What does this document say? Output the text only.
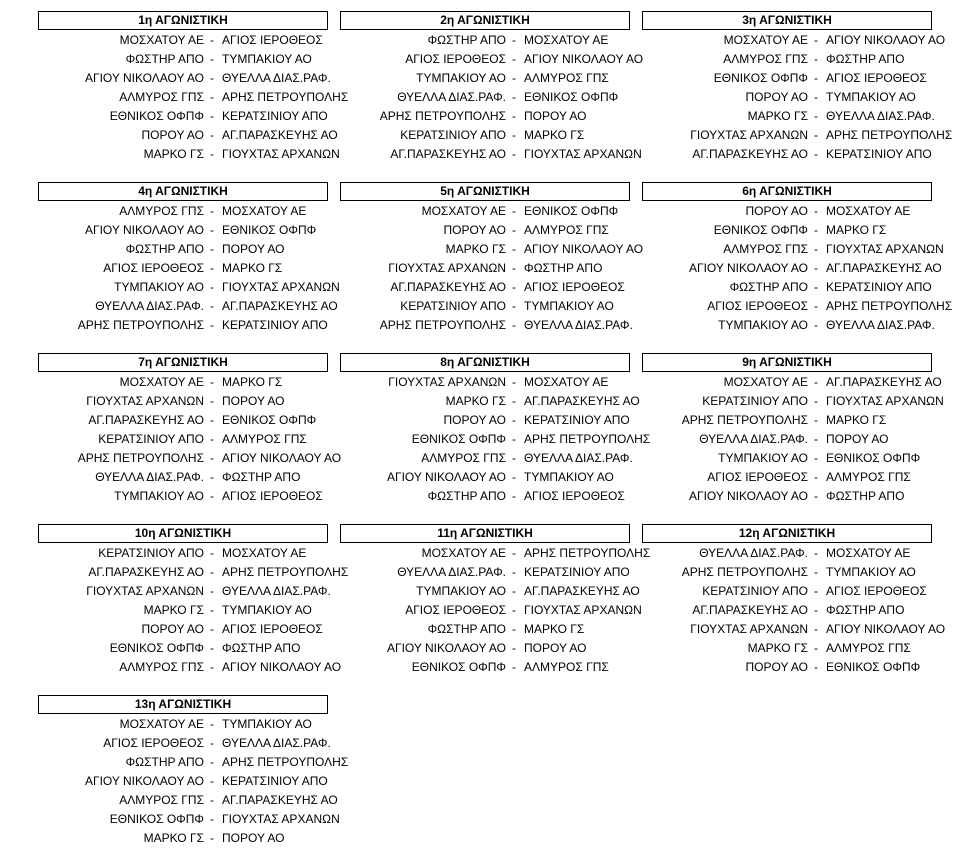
1η ΑΓΩΝΙΣΤΙΚΗ
ΜΟΣΧΑΤΟΥ ΑΕ - ΑΓΙΟΣ ΙΕΡΟΘΕΟΣ
ΦΩΣΤΗΡ ΑΠΟ - ΤΥΜΠΑΚΙΟΥ ΑΟ
ΑΓΙΟΥ ΝΙΚΟΛΑΟΥ ΑΟ - ΘΥΕΛΛΑ ΔΙΑΣ.ΡΑΦ.
ΑΛΜΥΡΟΣ ΓΠΣ - ΑΡΗΣ ΠΕΤΡΟΥΠΟΛΗΣ
ΕΘΝΙΚΟΣ ΟΦΠΦ - ΚΕΡΑΤΣΙΝΙΟΥ ΑΠΟ
ΠΟΡΟΥ ΑΟ - ΑΓ.ΠΑΡΑΣΚΕΥΗΣ ΑΟ
ΜΑΡΚΟ ΓΣ - ΓΙΟΥΧΤΑΣ ΑΡΧΑΝΩΝ
2η ΑΓΩΝΙΣΤΙΚΗ
ΦΩΣΤΗΡ ΑΠΟ - ΜΟΣΧΑΤΟΥ ΑΕ
ΑΓΙΟΣ ΙΕΡΟΘΕΟΣ - ΑΓΙΟΥ ΝΙΚΟΛΑΟΥ ΑΟ
ΤΥΜΠΑΚΙΟΥ ΑΟ - ΑΛΜΥΡΟΣ ΓΠΣ
ΘΥΕΛΛΑ ΔΙΑΣ.ΡΑΦ. - ΕΘΝΙΚΟΣ ΟΦΠΦ
ΑΡΗΣ ΠΕΤΡΟΥΠΟΛΗΣ - ΠΟΡΟΥ ΑΟ
ΚΕΡΑΤΣΙΝΙΟΥ ΑΠΟ - ΜΑΡΚΟ ΓΣ
ΑΓ.ΠΑΡΑΣΚΕΥΗΣ ΑΟ - ΓΙΟΥΧΤΑΣ ΑΡΧΑΝΩΝ
3η ΑΓΩΝΙΣΤΙΚΗ
ΜΟΣΧΑΤΟΥ ΑΕ - ΑΓΙΟΥ ΝΙΚΟΛΑΟΥ ΑΟ
ΑΛΜΥΡΟΣ ΓΠΣ - ΦΩΣΤΗΡ ΑΠΟ
ΕΘΝΙΚΟΣ ΟΦΠΦ - ΑΓΙΟΣ ΙΕΡΟΘΕΟΣ
ΠΟΡΟΥ ΑΟ - ΤΥΜΠΑΚΙΟΥ ΑΟ
ΜΑΡΚΟ ΓΣ - ΘΥΕΛΛΑ ΔΙΑΣ.ΡΑΦ.
ΓΙΟΥΧΤΑΣ ΑΡΧΑΝΩΝ - ΑΡΗΣ ΠΕΤΡΟΥΠΟΛΗΣ
ΑΓ.ΠΑΡΑΣΚΕΥΗΣ ΑΟ - ΚΕΡΑΤΣΙΝΙΟΥ ΑΠΟ
4η ΑΓΩΝΙΣΤΙΚΗ
ΑΛΜΥΡΟΣ ΓΠΣ - ΜΟΣΧΑΤΟΥ ΑΕ
ΑΓΙΟΥ ΝΙΚΟΛΑΟΥ ΑΟ - ΕΘΝΙΚΟΣ ΟΦΠΦ
ΦΩΣΤΗΡ ΑΠΟ - ΠΟΡΟΥ ΑΟ
ΑΓΙΟΣ ΙΕΡΟΘΕΟΣ - ΜΑΡΚΟ ΓΣ
ΤΥΜΠΑΚΙΟΥ ΑΟ - ΓΙΟΥΧΤΑΣ ΑΡΧΑΝΩΝ
ΘΥΕΛΛΑ ΔΙΑΣ.ΡΑΦ. - ΑΓ.ΠΑΡΑΣΚΕΥΗΣ ΑΟ
ΑΡΗΣ ΠΕΤΡΟΥΠΟΛΗΣ - ΚΕΡΑΤΣΙΝΙΟΥ ΑΠΟ
5η ΑΓΩΝΙΣΤΙΚΗ
ΜΟΣΧΑΤΟΥ ΑΕ - ΕΘΝΙΚΟΣ ΟΦΠΦ
ΠΟΡΟΥ ΑΟ - ΑΛΜΥΡΟΣ ΓΠΣ
ΜΑΡΚΟ ΓΣ - ΑΓΙΟΥ ΝΙΚΟΛΑΟΥ ΑΟ
ΓΙΟΥΧΤΑΣ ΑΡΧΑΝΩΝ - ΦΩΣΤΗΡ ΑΠΟ
ΑΓ.ΠΑΡΑΣΚΕΥΗΣ ΑΟ - ΑΓΙΟΣ ΙΕΡΟΘΕΟΣ
ΚΕΡΑΤΣΙΝΙΟΥ ΑΠΟ - ΤΥΜΠΑΚΙΟΥ ΑΟ
ΑΡΗΣ ΠΕΤΡΟΥΠΟΛΗΣ - ΘΥΕΛΛΑ ΔΙΑΣ.ΡΑΦ.
6η ΑΓΩΝΙΣΤΙΚΗ
ΠΟΡΟΥ ΑΟ - ΜΟΣΧΑΤΟΥ ΑΕ
ΕΘΝΙΚΟΣ ΟΦΠΦ - ΜΑΡΚΟ ΓΣ
ΑΛΜΥΡΟΣ ΓΠΣ - ΓΙΟΥΧΤΑΣ ΑΡΧΑΝΩΝ
ΑΓΙΟΥ ΝΙΚΟΛΑΟΥ ΑΟ - ΑΓ.ΠΑΡΑΣΚΕΥΗΣ ΑΟ
ΦΩΣΤΗΡ ΑΠΟ - ΚΕΡΑΤΣΙΝΙΟΥ ΑΠΟ
ΑΓΙΟΣ ΙΕΡΟΘΕΟΣ - ΑΡΗΣ ΠΕΤΡΟΥΠΟΛΗΣ
ΤΥΜΠΑΚΙΟΥ ΑΟ - ΘΥΕΛΛΑ ΔΙΑΣ.ΡΑΦ.
7η ΑΓΩΝΙΣΤΙΚΗ
ΜΟΣΧΑΤΟΥ ΑΕ - ΜΑΡΚΟ ΓΣ
ΓΙΟΥΧΤΑΣ ΑΡΧΑΝΩΝ - ΠΟΡΟΥ ΑΟ
ΑΓ.ΠΑΡΑΣΚΕΥΗΣ ΑΟ - ΕΘΝΙΚΟΣ ΟΦΠΦ
ΚΕΡΑΤΣΙΝΙΟΥ ΑΠΟ - ΑΛΜΥΡΟΣ ΓΠΣ
ΑΡΗΣ ΠΕΤΡΟΥΠΟΛΗΣ - ΑΓΙΟΥ ΝΙΚΟΛΑΟΥ ΑΟ
ΘΥΕΛΛΑ ΔΙΑΣ.ΡΑΦ. - ΦΩΣΤΗΡ ΑΠΟ
ΤΥΜΠΑΚΙΟΥ ΑΟ - ΑΓΙΟΣ ΙΕΡΟΘΕΟΣ
8η ΑΓΩΝΙΣΤΙΚΗ
ΓΙΟΥΧΤΑΣ ΑΡΧΑΝΩΝ - ΜΟΣΧΑΤΟΥ ΑΕ
ΜΑΡΚΟ ΓΣ - ΑΓ.ΠΑΡΑΣΚΕΥΗΣ ΑΟ
ΠΟΡΟΥ ΑΟ - ΚΕΡΑΤΣΙΝΙΟΥ ΑΠΟ
ΕΘΝΙΚΟΣ ΟΦΠΦ - ΑΡΗΣ ΠΕΤΡΟΥΠΟΛΗΣ
ΑΛΜΥΡΟΣ ΓΠΣ - ΘΥΕΛΛΑ ΔΙΑΣ.ΡΑΦ.
ΑΓΙΟΥ ΝΙΚΟΛΑΟΥ ΑΟ - ΤΥΜΠΑΚΙΟΥ ΑΟ
ΦΩΣΤΗΡ ΑΠΟ - ΑΓΙΟΣ ΙΕΡΟΘΕΟΣ
9η ΑΓΩΝΙΣΤΙΚΗ
ΜΟΣΧΑΤΟΥ ΑΕ - ΑΓ.ΠΑΡΑΣΚΕΥΗΣ ΑΟ
ΚΕΡΑΤΣΙΝΙΟΥ ΑΠΟ - ΓΙΟΥΧΤΑΣ ΑΡΧΑΝΩΝ
ΑΡΗΣ ΠΕΤΡΟΥΠΟΛΗΣ - ΜΑΡΚΟ ΓΣ
ΘΥΕΛΛΑ ΔΙΑΣ.ΡΑΦ. - ΠΟΡΟΥ ΑΟ
ΤΥΜΠΑΚΙΟΥ ΑΟ - ΕΘΝΙΚΟΣ ΟΦΠΦ
ΑΓΙΟΣ ΙΕΡΟΘΕΟΣ - ΑΛΜΥΡΟΣ ΓΠΣ
ΑΓΙΟΥ ΝΙΚΟΛΑΟΥ ΑΟ - ΦΩΣΤΗΡ ΑΠΟ
10η ΑΓΩΝΙΣΤΙΚΗ
ΚΕΡΑΤΣΙΝΙΟΥ ΑΠΟ - ΜΟΣΧΑΤΟΥ ΑΕ
ΑΓ.ΠΑΡΑΣΚΕΥΗΣ ΑΟ - ΑΡΗΣ ΠΕΤΡΟΥΠΟΛΗΣ
ΓΙΟΥΧΤΑΣ ΑΡΧΑΝΩΝ - ΘΥΕΛΛΑ ΔΙΑΣ.ΡΑΦ.
ΜΑΡΚΟ ΓΣ - ΤΥΜΠΑΚΙΟΥ ΑΟ
ΠΟΡΟΥ ΑΟ - ΑΓΙΟΣ ΙΕΡΟΘΕΟΣ
ΕΘΝΙΚΟΣ ΟΦΠΦ - ΦΩΣΤΗΡ ΑΠΟ
ΑΛΜΥΡΟΣ ΓΠΣ - ΑΓΙΟΥ ΝΙΚΟΛΑΟΥ ΑΟ
11η ΑΓΩΝΙΣΤΙΚΗ
ΜΟΣΧΑΤΟΥ ΑΕ - ΑΡΗΣ ΠΕΤΡΟΥΠΟΛΗΣ
ΘΥΕΛΛΑ ΔΙΑΣ.ΡΑΦ. - ΚΕΡΑΤΣΙΝΙΟΥ ΑΠΟ
ΤΥΜΠΑΚΙΟΥ ΑΟ - ΑΓ.ΠΑΡΑΣΚΕΥΗΣ ΑΟ
ΑΓΙΟΣ ΙΕΡΟΘΕΟΣ - ΓΙΟΥΧΤΑΣ ΑΡΧΑΝΩΝ
ΦΩΣΤΗΡ ΑΠΟ - ΜΑΡΚΟ ΓΣ
ΑΓΙΟΥ ΝΙΚΟΛΑΟΥ ΑΟ - ΠΟΡΟΥ ΑΟ
ΕΘΝΙΚΟΣ ΟΦΠΦ - ΑΛΜΥΡΟΣ ΓΠΣ
12η ΑΓΩΝΙΣΤΙΚΗ
ΘΥΕΛΛΑ ΔΙΑΣ.ΡΑΦ. - ΜΟΣΧΑΤΟΥ ΑΕ
ΑΡΗΣ ΠΕΤΡΟΥΠΟΛΗΣ - ΤΥΜΠΑΚΙΟΥ ΑΟ
ΚΕΡΑΤΣΙΝΙΟΥ ΑΠΟ - ΑΓΙΟΣ ΙΕΡΟΘΕΟΣ
ΑΓ.ΠΑΡΑΣΚΕΥΗΣ ΑΟ - ΦΩΣΤΗΡ ΑΠΟ
ΓΙΟΥΧΤΑΣ ΑΡΧΑΝΩΝ - ΑΓΙΟΥ ΝΙΚΟΛΑΟΥ ΑΟ
ΜΑΡΚΟ ΓΣ - ΑΛΜΥΡΟΣ ΓΠΣ
ΠΟΡΟΥ ΑΟ - ΕΘΝΙΚΟΣ ΟΦΠΦ
13η ΑΓΩΝΙΣΤΙΚΗ
ΜΟΣΧΑΤΟΥ ΑΕ - ΤΥΜΠΑΚΙΟΥ ΑΟ
ΑΓΙΟΣ ΙΕΡΟΘΕΟΣ - ΘΥΕΛΛΑ ΔΙΑΣ.ΡΑΦ.
ΦΩΣΤΗΡ ΑΠΟ - ΑΡΗΣ ΠΕΤΡΟΥΠΟΛΗΣ
ΑΓΙΟΥ ΝΙΚΟΛΑΟΥ ΑΟ - ΚΕΡΑΤΣΙΝΙΟΥ ΑΠΟ
ΑΛΜΥΡΟΣ ΓΠΣ - ΑΓ.ΠΑΡΑΣΚΕΥΗΣ ΑΟ
ΕΘΝΙΚΟΣ ΟΦΠΦ - ΓΙΟΥΧΤΑΣ ΑΡΧΑΝΩΝ
ΜΑΡΚΟ ΓΣ - ΠΟΡΟΥ ΑΟ
